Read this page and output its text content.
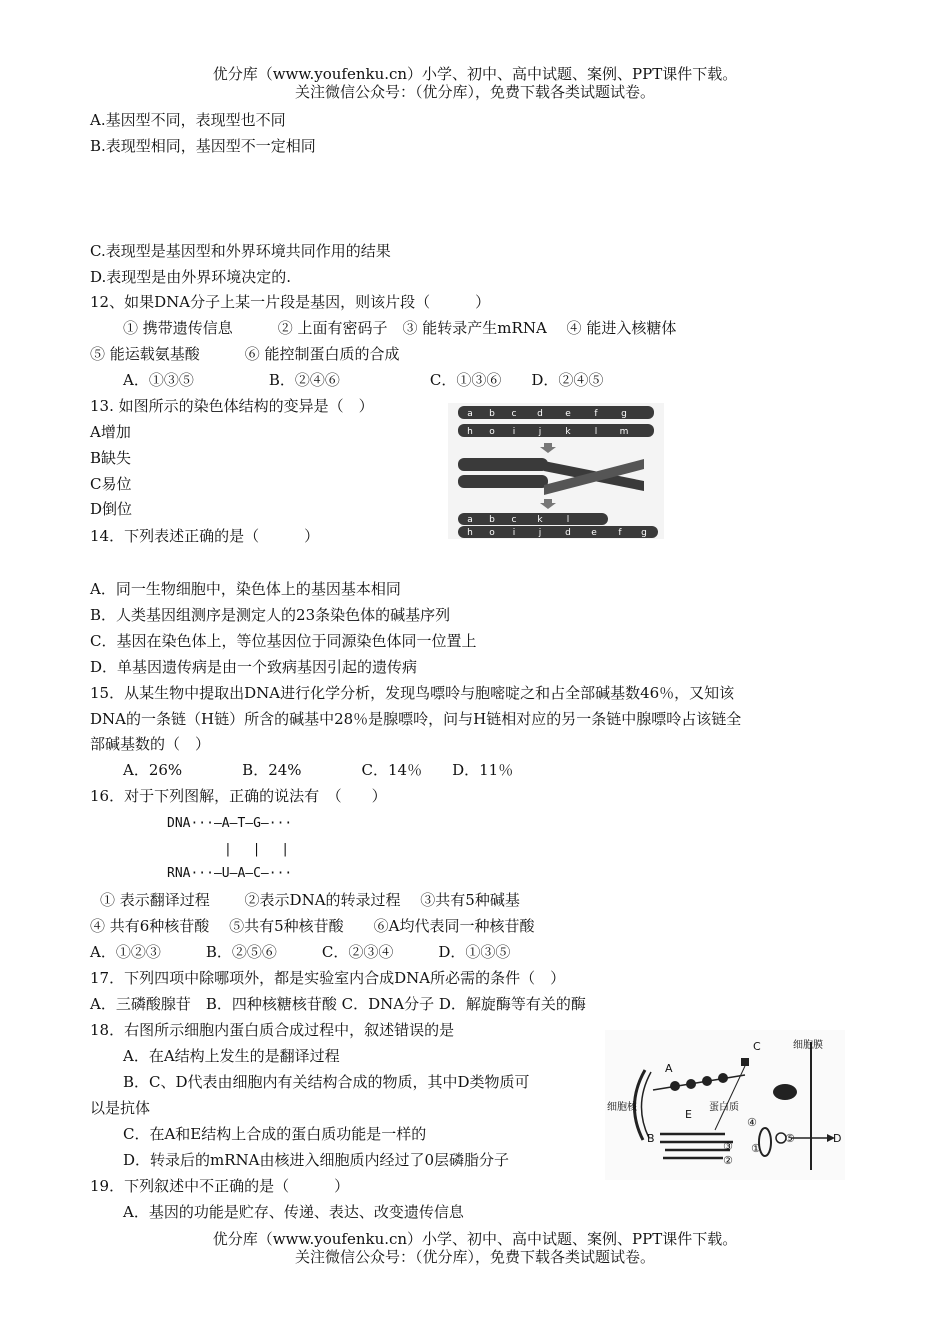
优分库（www.youfenku.cn）小学、初中、高中试题、案例、PPT课件下载。
关注微信公众号：（优分库），免费下载各类试题试卷。
A.基因型不同，表现型也不同
B.表现型相同，基因型不一定相同
C.表现型是基因型和外界环境共同作用的结果
D.表现型是由外界环境决定的.
12、如果DNA分子上某一片段是基因，则该片段（　　　）
① 携带遗传信息　　　② 上面有密码子　③ 能转录产生mRNA　 ④ 能进入核糖体
⑤ 能运载氨基酸　　　⑥ 能控制蛋白质的合成
A．①③⑤　　　　　B．②④⑥　　　　　　C．①③⑥　　D．②④⑤
13. 如图所示的染色体结构的变异是（　）
A增加
B缺失
C易位
D倒位
a b c d e	f	g
h o i	j	k	l m
a b c k	l
h o i	j	d e f g
14．下列表述正确的是（　　　）
A．同一生物细胞中，染色体上的基因基本相同
B．人类基因组测序是测定人的23条染色体的碱基序列
C．基因在染色体上，等位基因位于同源染色体同一位置上
D．单基因遗传病是由一个致病基因引起的遗传病
15．从某生物中提取出DNA进行化学分析，发现鸟嘌呤与胞嘧啶之和占全部碱基数46％，又知该
DNA的一条链（H链）所含的碱基中28％是腺嘌呤，问与H链相对应的另一条链中腺嘌呤占该链全
部碱基数的（　）
A．26%　　　　B．24%　　　　C．14％　　D．11％
16．对于下列图解，正确的说法有　（　　）
DNA···—A—T—G—···
|　 |　 |
RNA···—U—A—C—···
① 表示翻译过程　　 ②表示DNA的转录过程　 ③共有5种碱基
④ 共有6种核苷酸　 ⑤共有5种核苷酸　　⑥A均代表同一种核苷酸
A．①②③　　　B．②⑤⑥　　　C．②③④　　　D．①③⑤
17．下列四项中除哪项外，都是实验室内合成DNA所必需的条件（　）
A．三磷酸腺苷　B．四种核糖核苷酸 C．DNA分子 D．解旋酶等有关的酶
18．右图所示细胞内蛋白质合成过程中，叙述错误的是
A．在A结构上发生的是翻译过程
B．C、D代表由细胞内有关结构合成的物质，其中D类物质可
以是抗体
C．在A和E结构上合成的蛋白质功能是一样的
D．转录后的mRNA由核进入细胞质内经过了0层磷脂分子
细胞膜
细胞核
A
C
E
蛋白质
B
③
②
④
⑤
①
D
19．下列叙述中不正确的是（　　　）
A．基因的功能是贮存、传递、表达、改变遗传信息
优分库（www.youfenku.cn）小学、初中、高中试题、案例、PPT课件下载。
关注微信公众号：（优分库），免费下载各类试题试卷。
